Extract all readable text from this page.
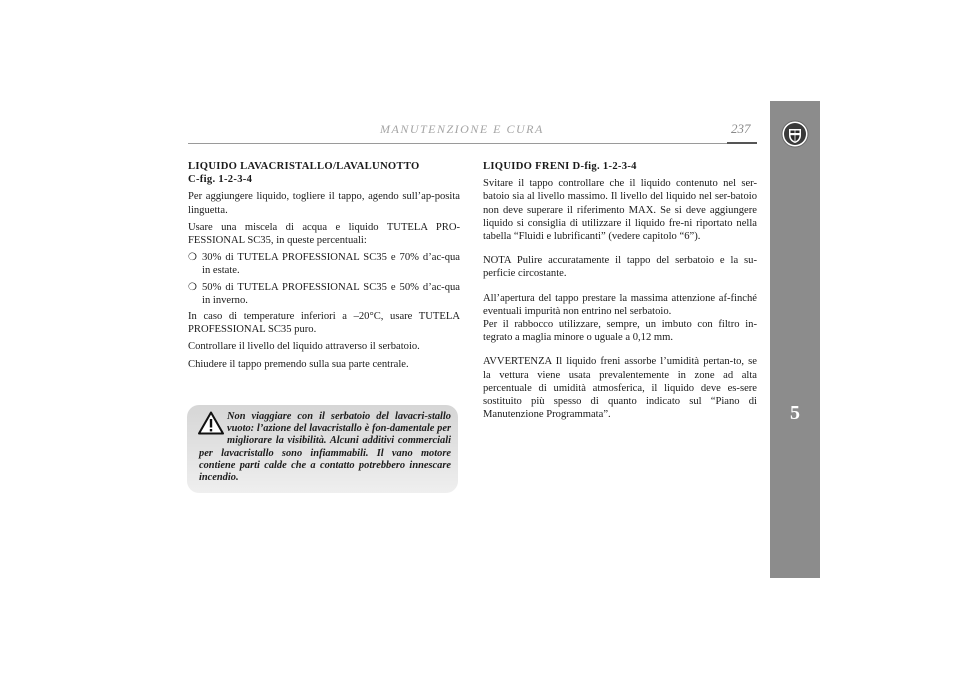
MANUTENZIONE E CURA	237
5
LIQUIDO LAVACRISTALLO/LAVALUNOTTO
C-fig. 1-2-3-4

Per aggiungere liquido, togliere il tappo, agendo sull’ap-posita linguetta.

Usare una miscela di acqua e liquido TUTELA PRO-FESSIONAL SC35, in queste percentuali:

❍ 30% di TUTELA PROFESSIONAL SC35 e 70% d’ac-qua in estate.
❍ 50% di TUTELA PROFESSIONAL SC35 e 50% d’ac-qua in inverno.

In caso di temperature inferiori a –20°C, usare TUTELA PROFESSIONAL SC35 puro.

Controllare il livello del liquido attraverso il serbatoio.

Chiudere il tappo premendo sulla sua parte centrale.

Non viaggiare con il serbatoio del lavacri-stallo vuoto: l’azione del lavacristallo è fon-damentale per migliorare la visibilità. Alcuni additivi commerciali per lavacristallo sono infiammabili. Il vano motore contiene parti calde che a contatto potrebbero innescare incendio.

LIQUIDO FRENI D-fig. 1-2-3-4

Svitare il tappo controllare che il liquido contenuto nel ser-batoio sia al livello massimo. Il livello del liquido nel ser-batoio non deve superare il riferimento MAX. Se si deve aggiungere liquido si consiglia di utilizzare il liquido fre-ni riportato nella tabella “Fluidi e lubrificanti” (vedere capitolo “6”).

NOTA Pulire accuratamente il tappo del serbatoio e la su-perficie circostante.

All’apertura del tappo prestare la massima attenzione af-finché eventuali impurità non entrino nel serbatoio.

Per il rabbocco utilizzare, sempre, un imbuto con filtro in-tegrato a maglia minore o uguale a 0,12 mm.

AVVERTENZA Il liquido freni assorbe l’umidità pertan-to, se la vettura viene usata prevalentemente in zone ad alta percentuale di umidità atmosferica, il liquido deve es-sere sostituito più spesso di quanto indicato sul “Piano di Manutenzione Programmata”.
